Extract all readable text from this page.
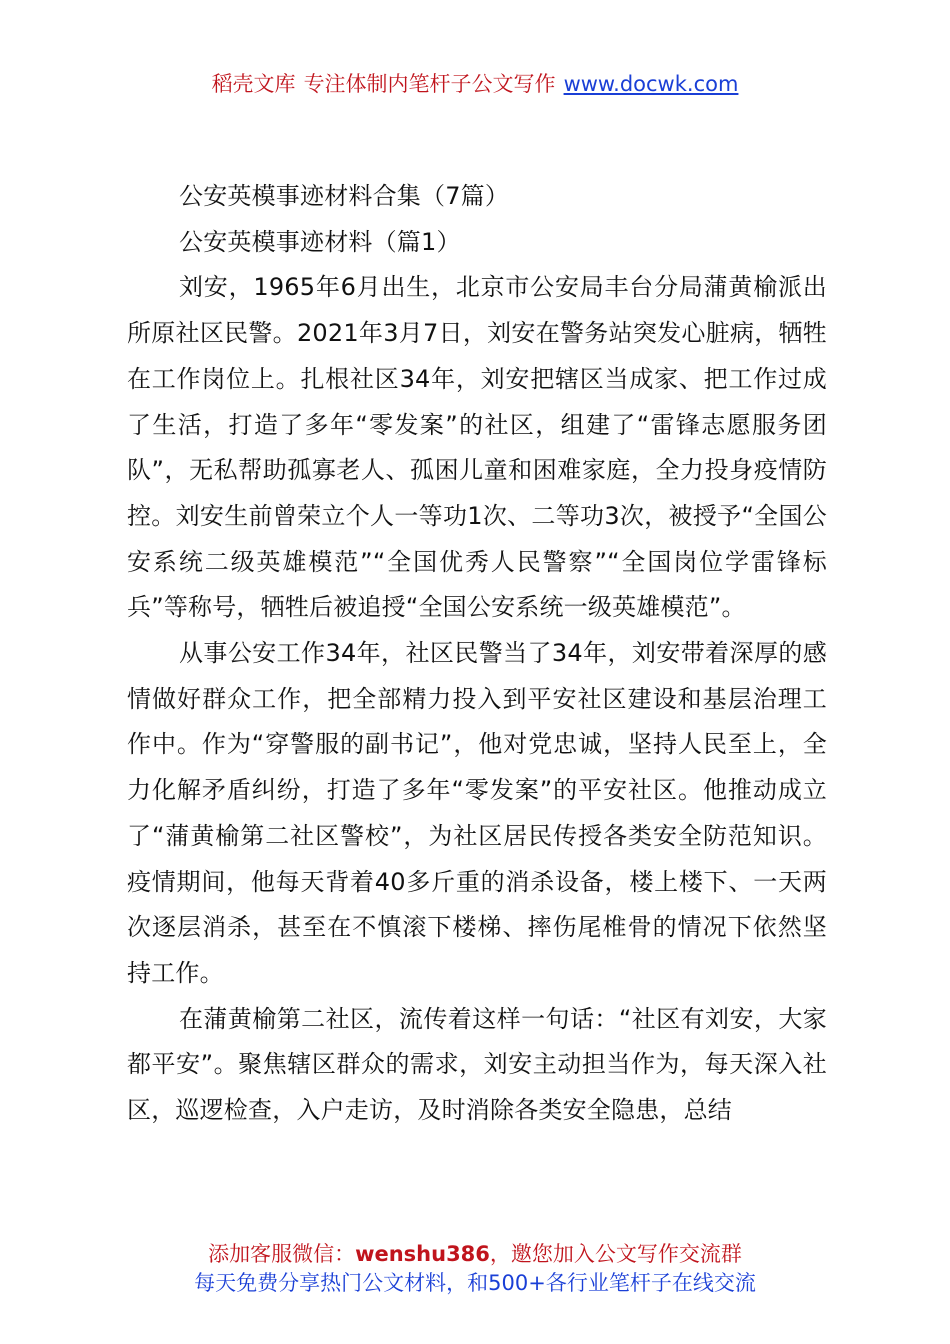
稻壳文库 专注体制内笔杆子公文写作 www.docwk.com

公安英模事迹材料合集（7篇）

公安英模事迹材料（篇1）

刘安，1965年6月出生，北京市公安局丰台分局蒲黄榆派出所原社区民警。2021年3月7日，刘安在警务站突发心脏病，牺牲在工作岗位上。扎根社区34年，刘安把辖区当成家、把工作过成了生活，打造了多年“零发案”的社区，组建了“雷锋志愿服务团队”，无私帮助孤寡老人、孤困儿童和困难家庭，全力投身疫情防控。刘安生前曾荣立个人一等功1次、二等功3次，被授予“全国公安系统二级英雄模范”“全国优秀人民警察”“全国岗位学雷锋标兵”等称号，牺牲后被追授“全国公安系统一级英雄模范”。

从事公安工作34年，社区民警当了34年，刘安带着深厚的感情做好群众工作，把全部精力投入到平安社区建设和基层治理工作中。作为“穿警服的副书记”，他对党忠诚，坚持人民至上，全力化解矛盾纠纷，打造了多年“零发案”的平安社区。他推动成立了“蒲黄榆第二社区警校”，为社区居民传授各类安全防范知识。疫情期间，他每天背着40多斤重的消杀设备，楼上楼下、一天两次逐层消杀，甚至在不慎滚下楼梯、摔伤尾椎骨的情况下依然坚持工作。

在蒲黄榆第二社区，流传着这样一句话：“社区有刘安，大家都平安”。聚焦辖区群众的需求，刘安主动担当作为，每天深入社区，巡逻检查，入户走访，及时消除各类安全隐患，总结

添加客服微信：wenshu386，邀您加入公文写作交流群
每天免费分享热门公文材料，和500+各行业笔杆子在线交流
